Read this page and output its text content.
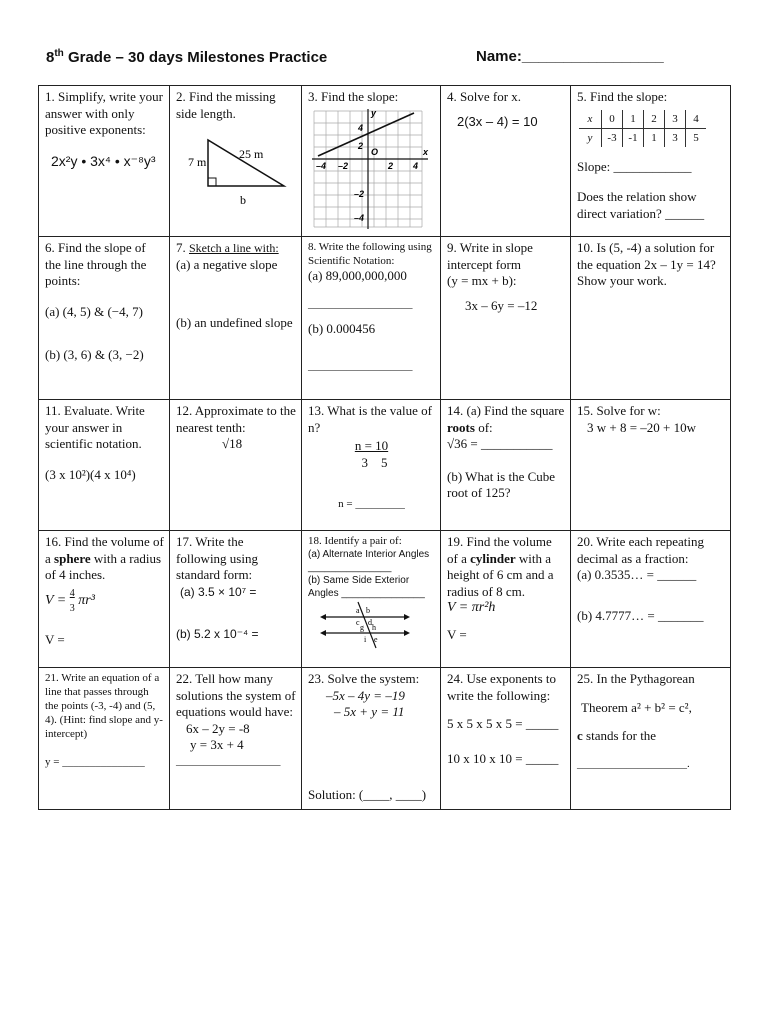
8th Grade – 30 days Milestones Practice	Name:_________________
1. Simplify, write your answer with only positive exponents:
2x²y • 3x⁴ • x⁻⁸y³

2. Find the missing side length.
25 m
7 m
b

3. Find the slope:
4
2
–2
–4
–4 –2	2 4
O	x
y

4. Solve for x.
2(3x – 4) = 10

5. Find the slope:
x	0	1	2	3	4
y	-3	-1	1	3	5
Slope: ____________
Does the relation show direct variation? ______

6. Find the slope of the line through the points:
(a) (4, 5) & (−4, 7)
(b) (3, 6) & (3, −2)

7. Sketch a line with:
(a) a negative slope
(b) an undefined slope

8. Write the following using Scientific Notation:
(a) 89,000,000,000
___________________
(b) 0.000456
___________________

9. Write in slope intercept form
(y = mx + b):
3x – 6y = –12

10. Is (5, -4) a solution for the equation 2x – 1y = 14? Show your work.

11. Evaluate. Write your answer in scientific notation.
(3 x 10²)(4 x 10⁴)

12. Approximate to the nearest tenth:
√18

13. What is the value of n?
n = 10
3    5
n = _________

14. (a) Find the square roots of:
√36 = ___________
(b) What is the Cube root of 125?

15. Solve for w:
3 w + 8 = –20 + 10w

16. Find the volume of a sphere with a radius of 4 inches.
$V = \frac{4}{3} \pi r^3$
V =

17. Write the following using standard form:
(a) 3.5 × 10⁷ =
(b) 5.2 x 10⁻⁴ =

18. Identify a pair of:
(a) Alternate Interior Angles _______________
(b) Same Side Exterior Angles _______________
a b
c d
g h
i e

19. Find the volume of a cylinder with a height of 6 cm and a radius of 8 cm.
V = πr²h
V =

20. Write each repeating decimal as a fraction:
(a) 0.3535… = ______
(b) 4.7777… = _______

21. Write an equation of a line that passes through the points (-3, -4) and (5, 4). (Hint: find slope and y-intercept)
y = _______________

22. Tell how many solutions the system of equations would have:
6x – 2y = -8
y = 3x + 4
___________________

23. Solve the system:
–5x – 4y = –19
– 5x + y = 11
Solution: (____, ____)

24. Use exponents to write the following:
5 x 5 x 5 x 5 = _____
10 x 10 x 10 = _____

25. In the Pythagorean
Theorem a² + b² = c²,
c stands for the
____________________.
